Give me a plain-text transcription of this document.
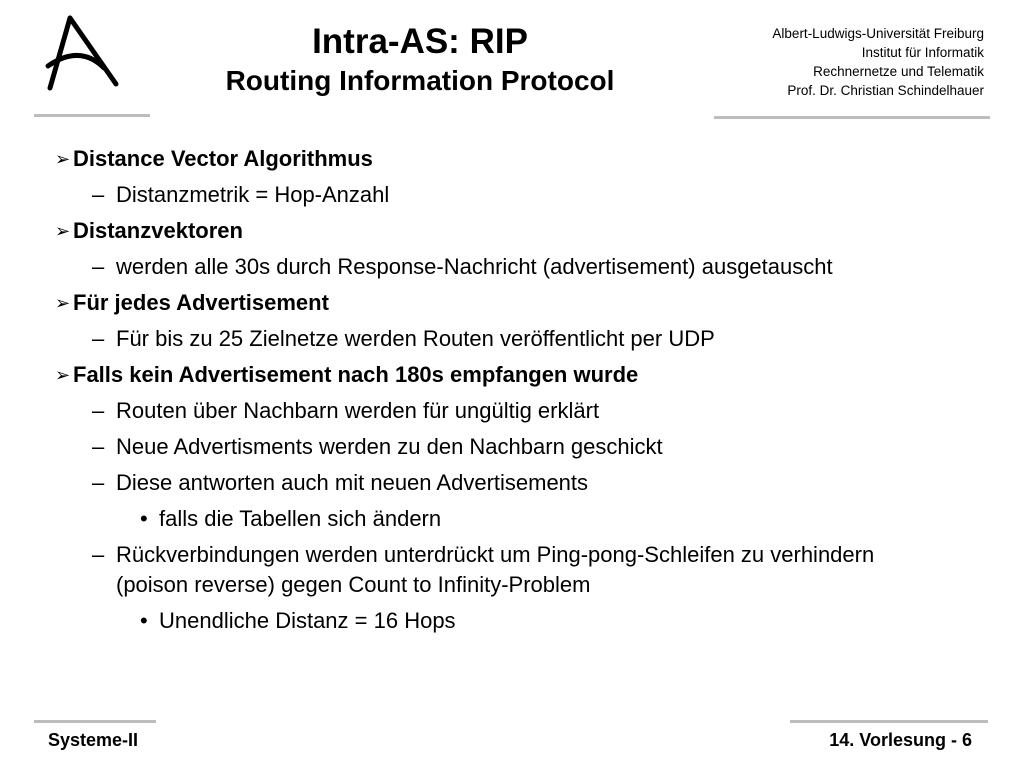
Intra-AS: RIP
Routing Information Protocol
Albert-Ludwigs-Universität Freiburg
Institut für Informatik
Rechnernetze und Telematik
Prof. Dr. Christian Schindelhauer
➢ Distance Vector Algorithmus
– Distanzmetrik = Hop-Anzahl
➢ Distanzvektoren
– werden alle 30s durch Response-Nachricht (advertisement) ausgetauscht
➢ Für jedes Advertisement
– Für bis zu 25 Zielnetze werden Routen veröffentlicht per UDP
➢ Falls kein Advertisement nach 180s empfangen wurde
– Routen über Nachbarn werden für ungültig erklärt
– Neue Advertisments werden zu den Nachbarn geschickt
– Diese antworten auch mit neuen Advertisements
• falls die Tabellen sich ändern
– Rückverbindungen werden unterdrückt um Ping-pong-Schleifen zu verhindern (poison reverse) gegen Count to Infinity-Problem
• Unendliche Distanz = 16 Hops
Systeme-II	14. Vorlesung - 6
